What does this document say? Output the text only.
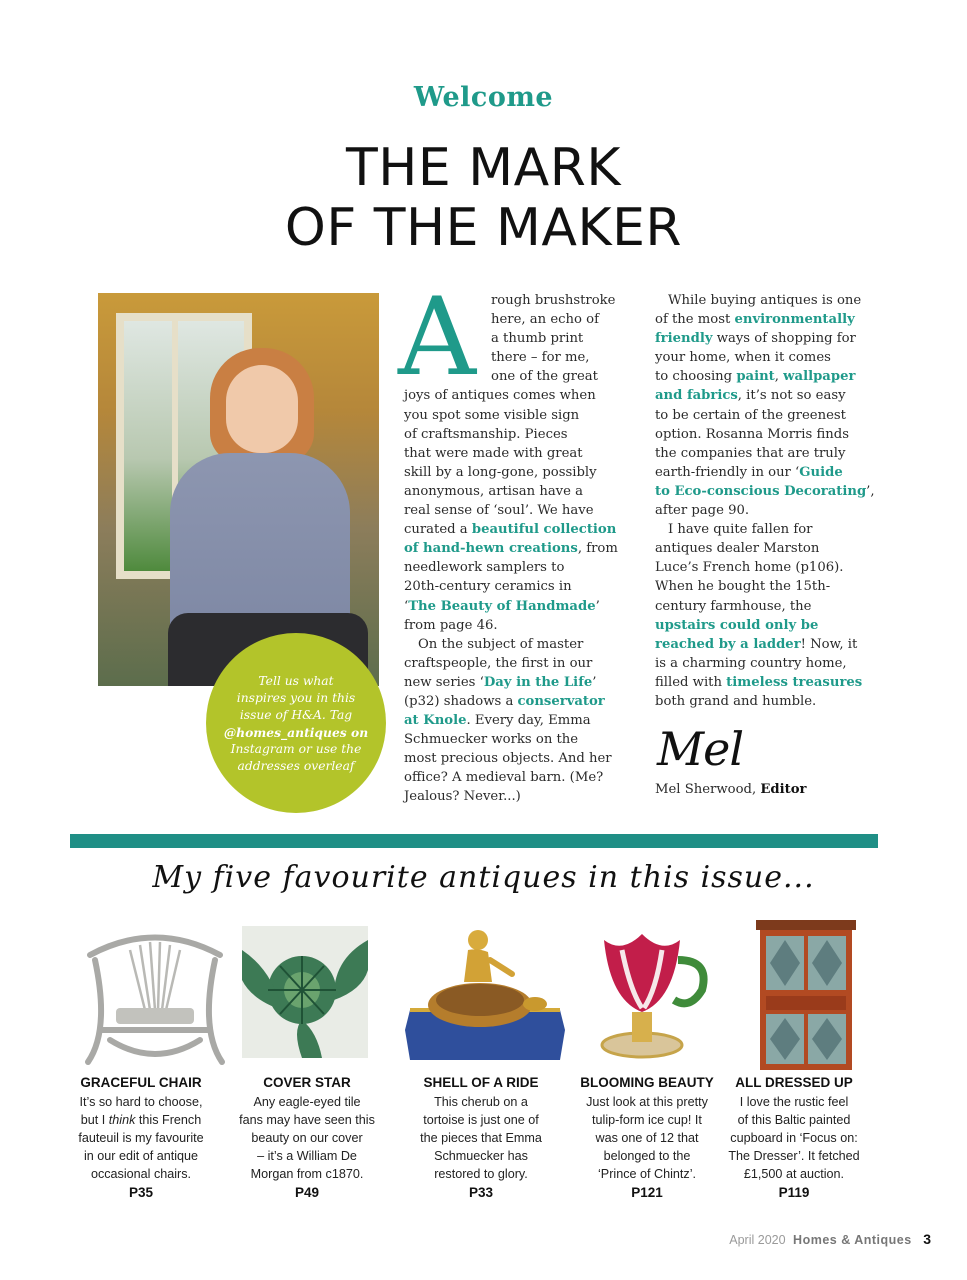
Welcome
THE MARK
OF THE MAKER
Tell us what
inspires you in this
issue of H&A. Tag
@homes_antiques on
Instagram or use the
addresses overleaf
A	rough brushstroke
here, an echo of
a thumb print
there – for me,
one of the great
joys of antiques comes when
you spot some visible sign
of craftsmanship. Pieces
that were made with great
skill by a long-gone, possibly
anonymous, artisan have a
real sense of ‘soul’. We have
curated a beautiful collection
of hand-hewn creations, from
needlework samplers to
20th-century ceramics in
‘The Beauty of Handmade’
from page 46.
On the subject of master
craftspeople, the first in our
new series ‘Day in the Life’
(p32) shadows a conservator
at Knole. Every day, Emma
Schmuecker works on the
most precious objects. And her
office? A medieval barn. (Me?
Jealous? Never...)
While buying antiques is one
of the most environmentally
friendly ways of shopping for
your home, when it comes
to choosing paint, wallpaper
and fabrics, it’s not so easy
to be certain of the greenest
option. Rosanna Morris finds
the companies that are truly
earth-friendly in our ‘Guide
to Eco-conscious Decorating’,
after page 90.
I have quite fallen for
antiques dealer Marston
Luce’s French home (p106).
When he bought the 15th-
century farmhouse, the
upstairs could only be
reached by a ladder! Now, it
is a charming country home,
filled with timeless treasures
both grand and humble.
Mel
Mel Sherwood, Editor
My five favourite antiques in this issue...
GRACEFUL CHAIR	COVER STAR	SHELL OF A RIDE	BLOOMING BEAUTY	ALL DRESSED UP
It’s so hard to choose,
but I think this French
fauteuil is my favourite
in our edit of antique
occasional chairs.
P35
Any eagle-eyed tile
fans may have seen this
beauty on our cover
– it’s a William De
Morgan from c1870.
P49
This cherub on a
tortoise is just one of
the pieces that Emma
Schmuecker has
restored to glory.
P33
Just look at this pretty
tulip-form ice cup! It
was one of 12 that
belonged to the
‘Prince of Chintz’.
P121
I love the rustic feel
of this Baltic painted
cupboard in ‘Focus on:
The Dresser’. It fetched
£1,500 at auction.
P119
April 2020 Homes & Antiques 3
